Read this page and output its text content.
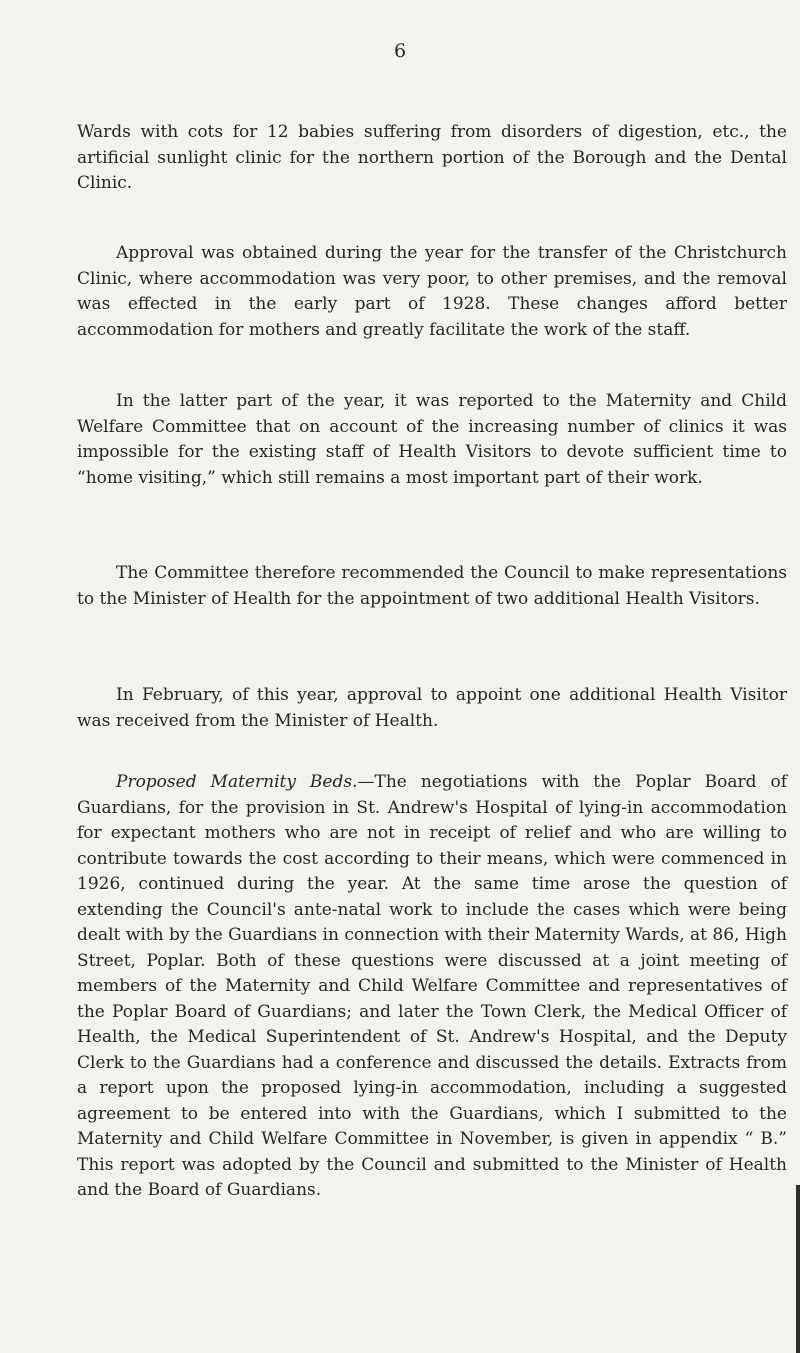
6

Wards with cots for 12 babies suffering from disorders of digestion, etc., the artificial sunlight clinic for the northern portion of the Borough and the Dental Clinic.

Approval was obtained during the year for the transfer of the Christchurch Clinic, where accommodation was very poor, to other premises, and the removal was effected in the early part of 1928. These changes afford better accommodation for mothers and greatly facilitate the work of the staff.

In the latter part of the year, it was reported to the Maternity and Child Welfare Committee that on account of the increasing number of clinics it was impossible for the existing staff of Health Visitors to devote sufficient time to “home visiting,” which still remains a most important part of their work.

The Committee therefore recommended the Council to make representations to the Minister of Health for the appointment of two additional Health Visitors.

In February, of this year, approval to appoint one additional Health Visitor was received from the Minister of Health.

Proposed Maternity Beds.—The negotiations with the Poplar Board of Guardians, for the provision in St. Andrew's Hospital of lying-in accommodation for expectant mothers who are not in receipt of relief and who are willing to contribute towards the cost according to their means, which were commenced in 1926, continued during the year. At the same time arose the question of extending the Council's ante-natal work to include the cases which were being dealt with by the Guardians in connection with their Maternity Wards, at 86, High Street, Poplar. Both of these questions were discussed at a joint meeting of members of the Maternity and Child Welfare Committee and representatives of the Poplar Board of Guardians; and later the Town Clerk, the Medical Officer of Health, the Medical Superintendent of St. Andrew's Hospital, and the Deputy Clerk to the Guardians had a conference and discussed the details. Extracts from a report upon the proposed lying-in accommodation, including a suggested agreement to be entered into with the Guardians, which I submitted to the Maternity and Child Welfare Committee in November, is given in appendix “ B.” This report was adopted by the Council and submitted to the Minister of Health and the Board of Guardians.
